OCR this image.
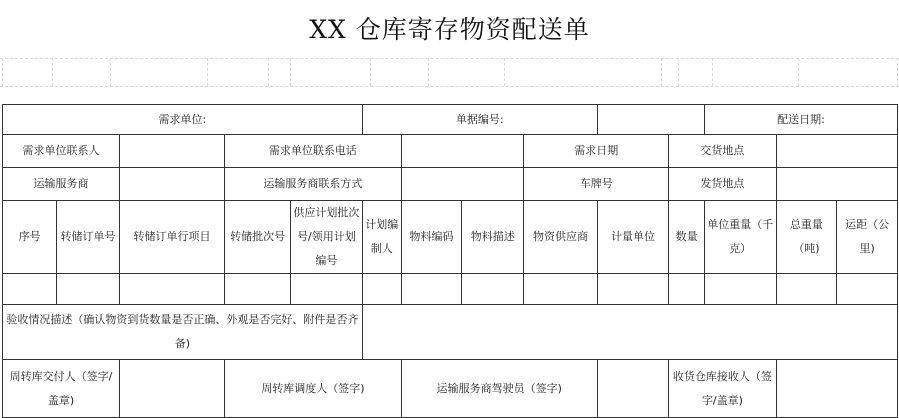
XX 仓库寄存物资配送单
需求单位:					单据编号:						配送日期:		
需求单位联系人			需求单位联系电话					需求日期		交货地点			
运输服务商			运输服务商联系方式					车牌号		发货地点			
序号	转储订单号	转储订单行项目	转储批次号	供应计划批次号/领用计划编号	计划编制人	物料编码	物料描述	物资供应商	计量单位	数量	单位重量（千克）	总重量（吨)	运距（公里)

验收情况描述（确认物资到货数量是否正确、外观是否完好、附件是否齐备)													
周转库交付人（签字/盖章)			周转库调度人（签字)			运输服务商驾驶员（签字)				收货仓库接收人（签字/盖章)			
